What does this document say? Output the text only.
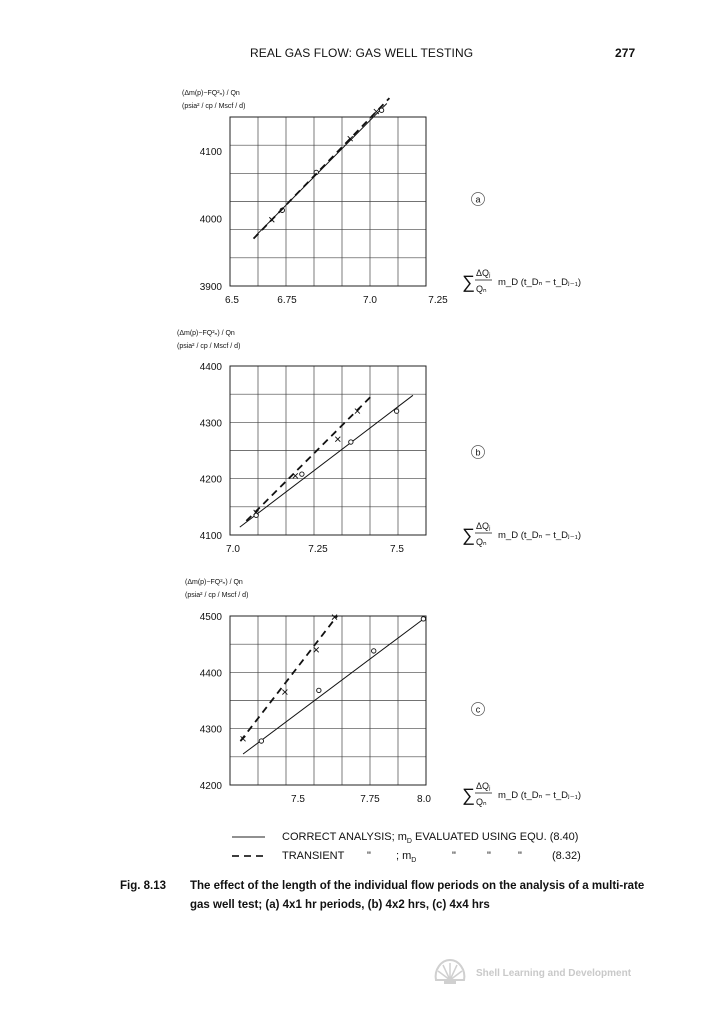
REAL GAS FLOW: GAS WELL TESTING	277
(Δm(p)−FQ²ₙ) / Qn
(psia² / cp / Mscf / d)
3900
4000
4100
6.5	6.75	7.0	7.25
a
∑ ΔQⱼ
Qₙ
m_D (t_Dₙ − t_Dⱼ₋₁)
(Δm(p)−FQ²ₙ) / Qn
(psia² / cp / Mscf / d)
4100
4200
4300
4400
7.0	7.25	7.5
b
∑ ΔQⱼ
Qₙ
m_D (t_Dₙ − t_Dⱼ₋₁)
(Δm(p)−FQ²ₙ) / Qn
(psia² / cp / Mscf / d)
4200
4300
4400
4500
7.5	7.75	8.0
c
∑ ΔQⱼ
Qₙ
m_D (t_Dₙ − t_Dⱼ₋₁)
CORRECT ANALYSIS; $m_D$ EVALUATED USING EQU. (8.40)
TRANSIENT " ; $m_D$	"	" "	(8.32)
Fig. 8.13 The effect of the length of the individual flow periods on the analysis of a multi-rate gas well test; (a) 4x1 hr periods, (b) 4x2 hrs, (c) 4x4 hrs
Shell Learning and Development
